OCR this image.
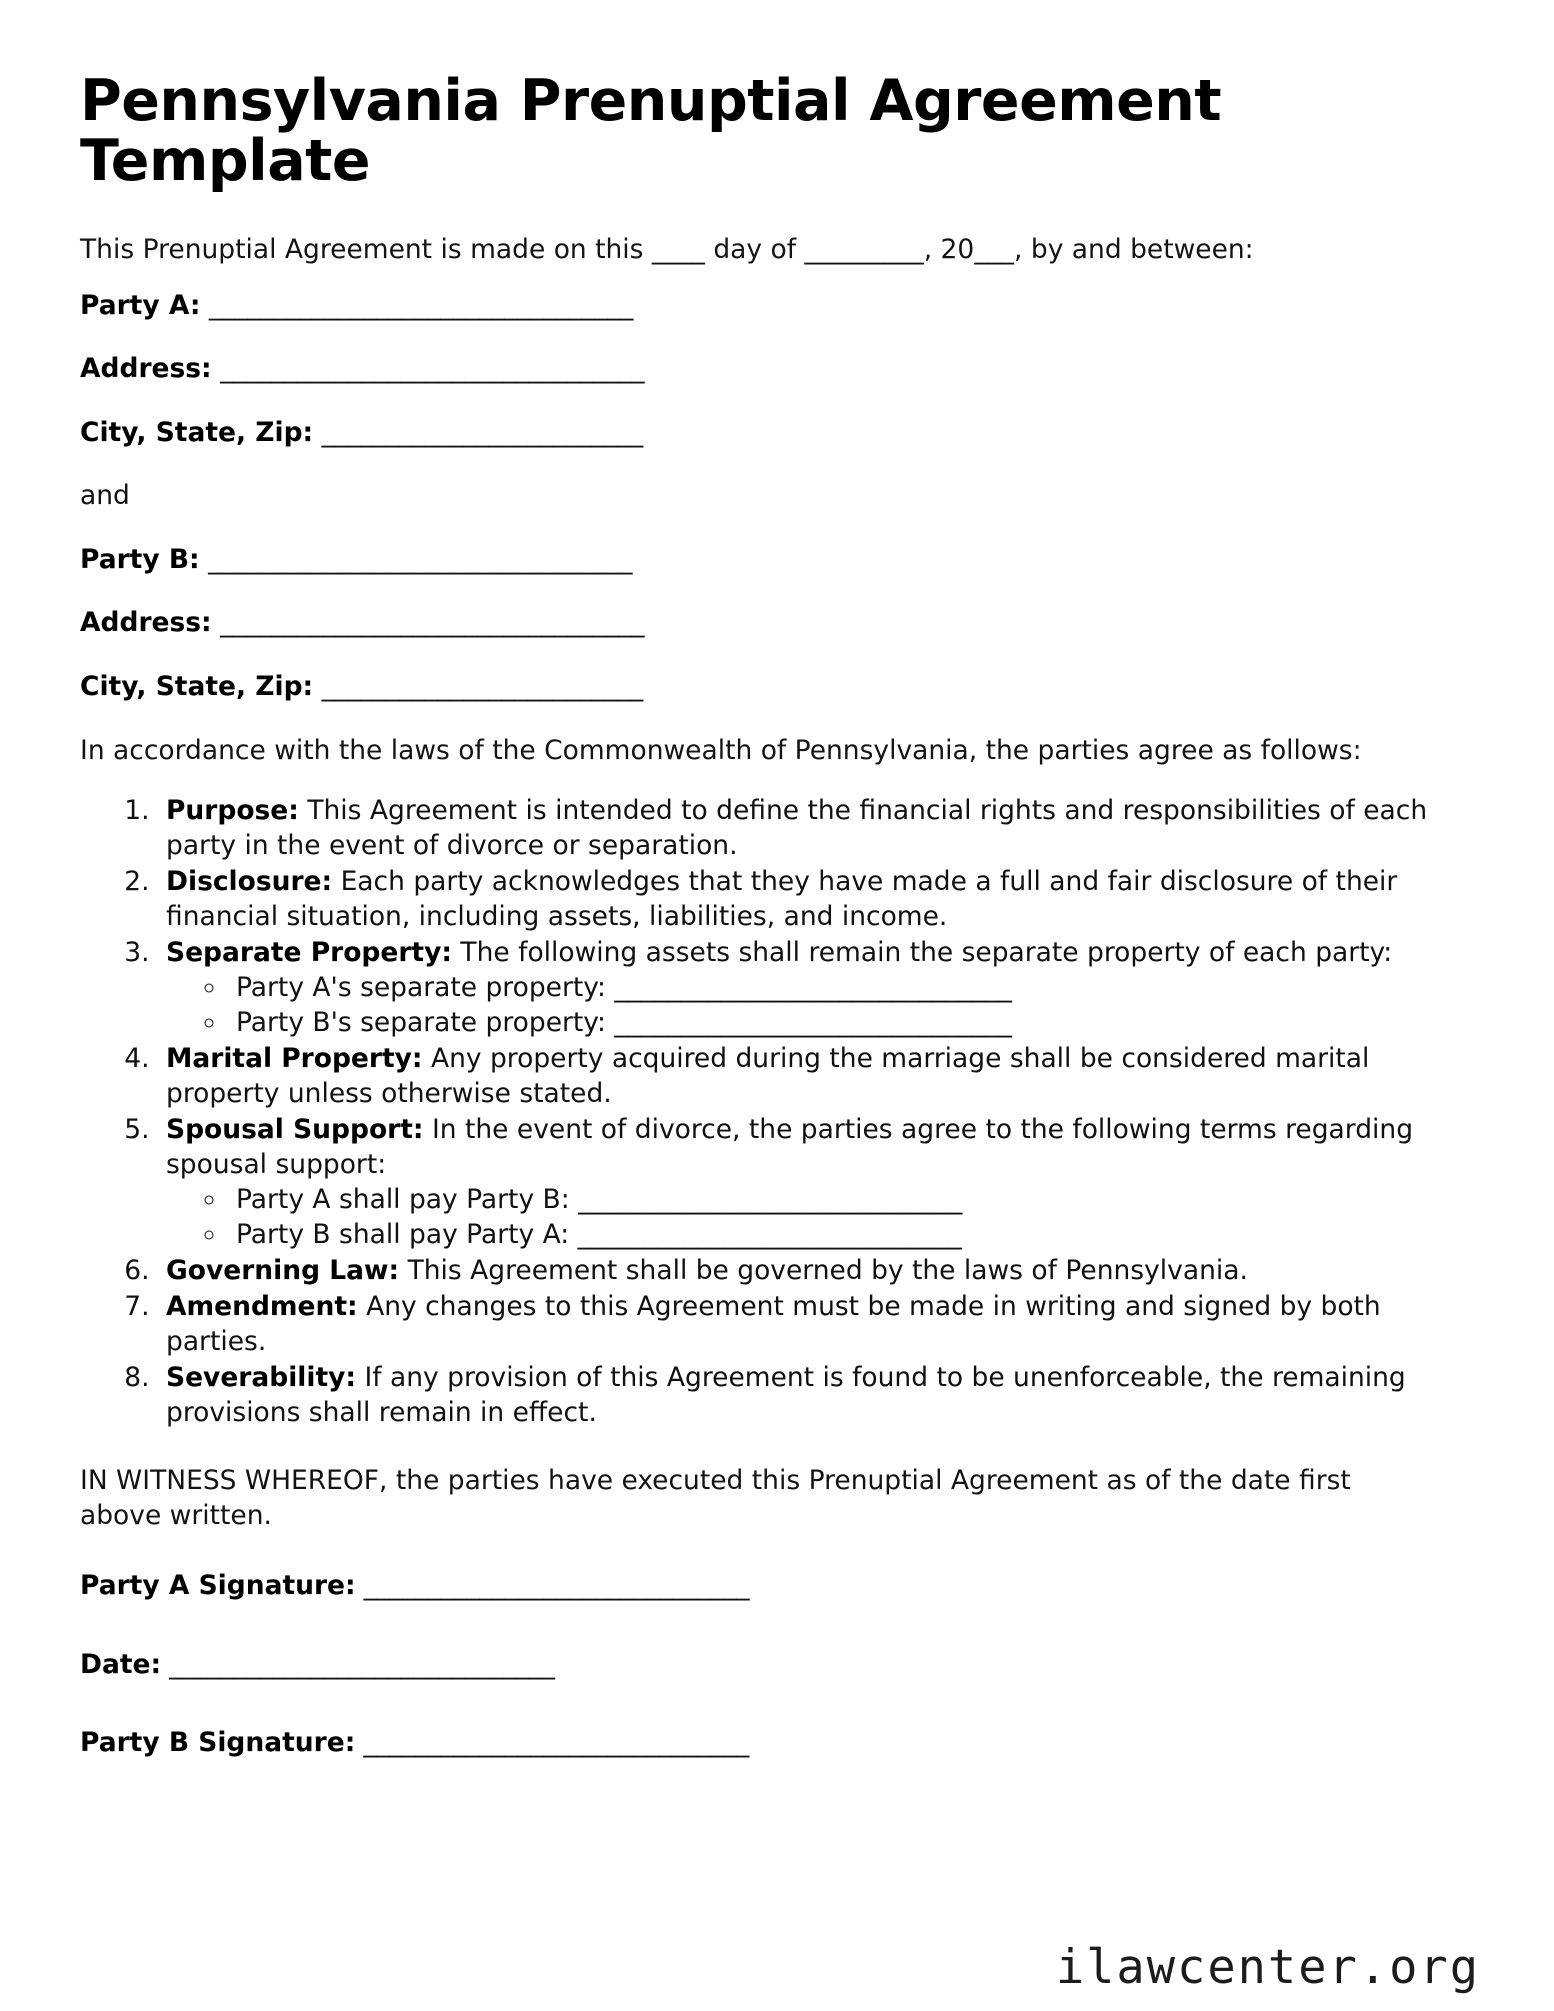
Pennsylvania Prenuptial Agreement Template

This Prenuptial Agreement is made on this ____ day of _________, 20___, by and between:

Party A: _________________________________
Address: _________________________________
City, State, Zip: _________________________
and
Party B: _________________________________
Address: _________________________________
City, State, Zip: _________________________

In accordance with the laws of the Commonwealth of Pennsylvania, the parties agree as follows:

1. Purpose: This Agreement is intended to define the financial rights and responsibilities of each party in the event of divorce or separation.
2. Disclosure: Each party acknowledges that they have made a full and fair disclosure of their financial situation, including assets, liabilities, and income.
3. Separate Property: The following assets shall remain the separate property of each party:
◦ Party A's separate property: ______________________________
◦ Party B's separate property: ______________________________
4. Marital Property: Any property acquired during the marriage shall be considered marital property unless otherwise stated.
5. Spousal Support: In the event of divorce, the parties agree to the following terms regarding spousal support:
◦ Party A shall pay Party B: _____________________________
◦ Party B shall pay Party A: _____________________________
6. Governing Law: This Agreement shall be governed by the laws of Pennsylvania.
7. Amendment: Any changes to this Agreement must be made in writing and signed by both parties.
8. Severability: If any provision of this Agreement is found to be unenforceable, the remaining provisions shall remain in effect.

IN WITNESS WHEREOF, the parties have executed this Prenuptial Agreement as of the date first above written.

Party A Signature: ______________________________
Date: ______________________________
Party B Signature: ______________________________
ilawcenter.org
